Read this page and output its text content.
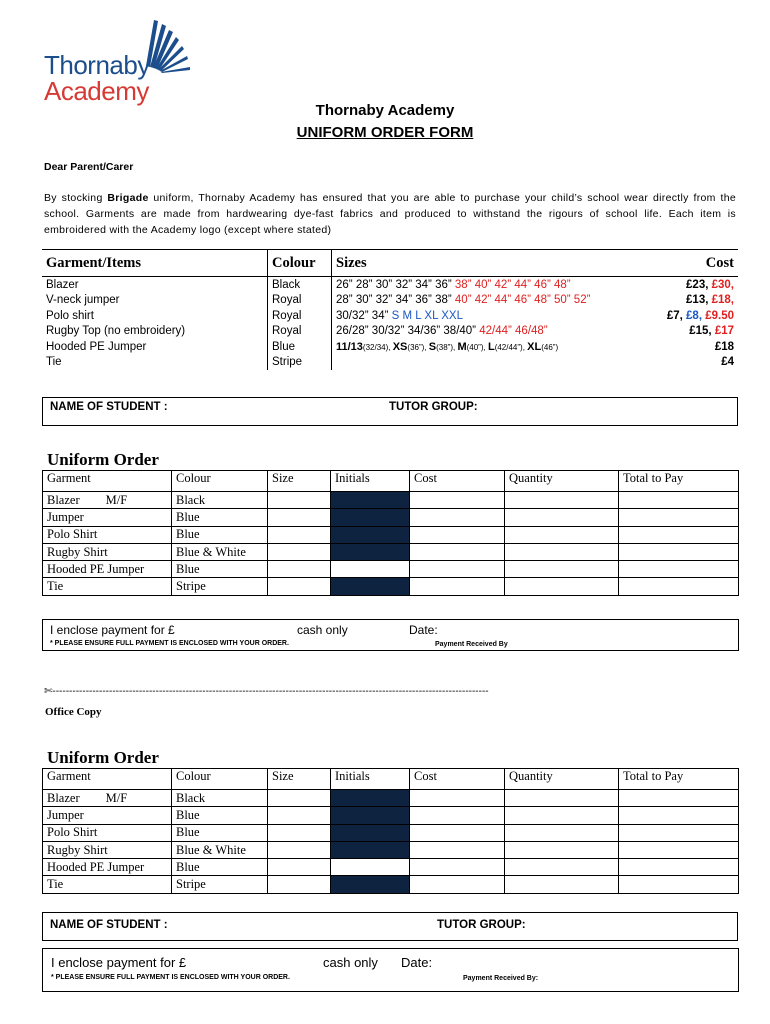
Thornaby
Academy
Thornaby Academy
UNIFORM ORDER FORM
Dear Parent/Carer
By stocking Brigade uniform, Thornaby Academy has ensured that you are able to purchase your child’s school wear directly from the school. Garments are made from hardwearing dye-fast fabrics and produced to withstand the rigours of school life. Each item is embroidered with the Academy logo (except where stated)
Garment/Items	Colour	Sizes	Cost
Blazer	Black	26” 28” 30” 32” 34” 36” 38” 40” 42” 44” 46” 48”	£23, £30,
V-neck jumper	Royal	28” 30” 32” 34” 36” 38” 40” 42” 44” 46” 48” 50” 52”	£13, £18,
Polo shirt	Royal	30/32” 34” S M L XL XXL	£7, £8, £9.50
Rugby Top (no embroidery)	Royal	26/28” 30/32” 34/36” 38/40” 42/44” 46/48”	£15, £17
Hooded PE Jumper	Blue	11/13(32/34), XS(36”), S(38”), M(40”), L(42/44”), XL(46”)	£18
Tie	Stripe		£4
NAME OF STUDENT :	TUTOR GROUP:
Uniform Order
Garment	Colour	Size	Initials	Cost	Quantity	Total to Pay
Blazer M/F	Black					
Jumper	Blue					
Polo Shirt	Blue					
Rugby Shirt	Blue & White					
Hooded PE Jumper	Blue					
Tie	Stripe					
I enclose payment for £	cash only	Date:
* PLEASE ENSURE FULL PAYMENT IS ENCLOSED WITH YOUR ORDER.	Payment Received By
✄-----------------------------------------------------------------------------------------------------------------------------------
Office Copy
Uniform Order
Garment	Colour	Size	Initials	Cost	Quantity	Total to Pay
Blazer M/F	Black					
Jumper	Blue					
Polo Shirt	Blue					
Rugby Shirt	Blue & White					
Hooded PE Jumper	Blue					
Tie	Stripe					
NAME OF STUDENT :	TUTOR GROUP:
I enclose payment for £	cash only Date:
* PLEASE ENSURE FULL PAYMENT IS ENCLOSED WITH YOUR ORDER.	Payment Received By:
